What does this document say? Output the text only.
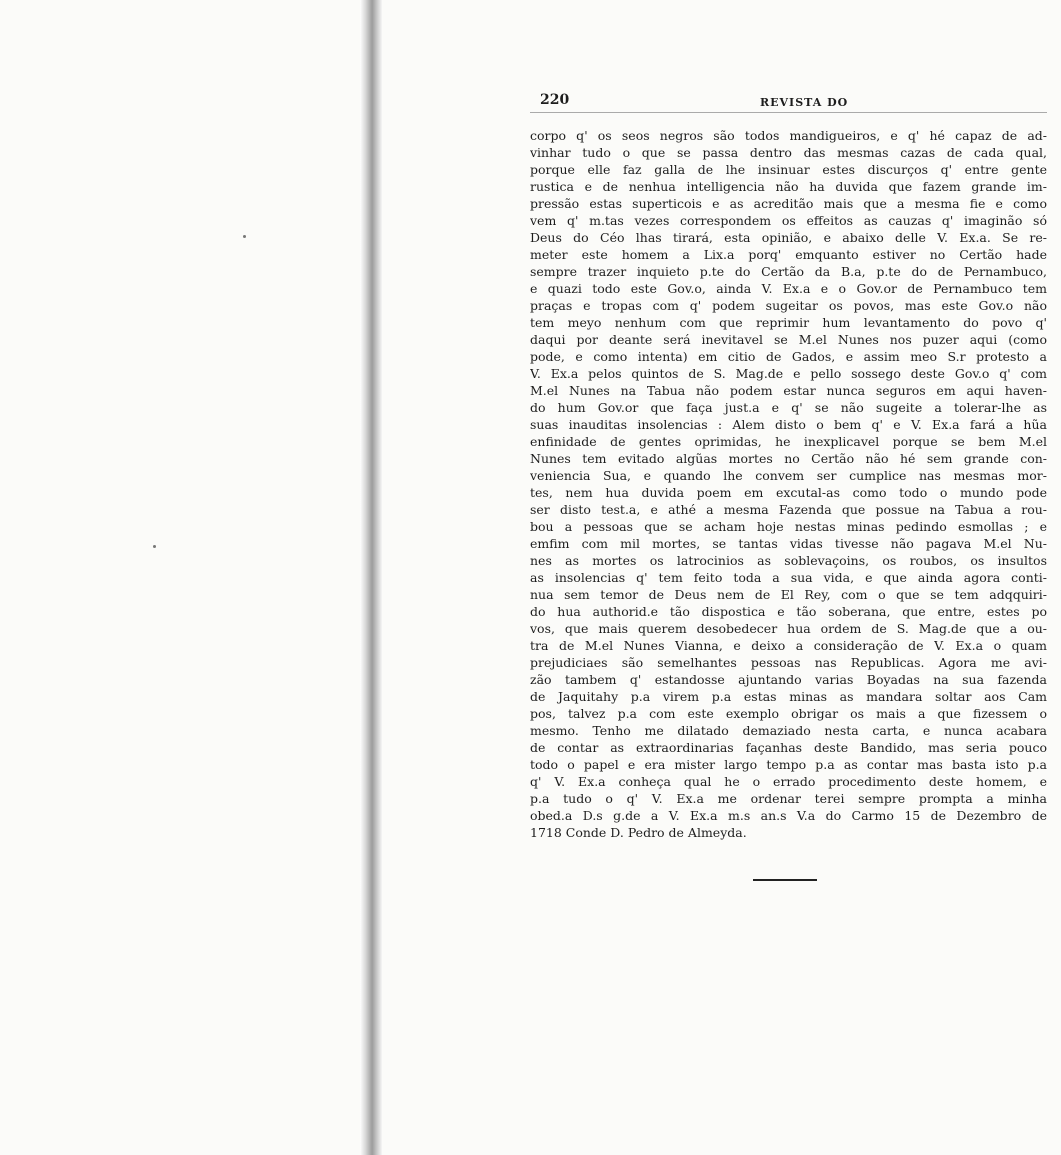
220	REVISTA DO
corpo q' os seos negros são todos mandigueiros, e q' hé capaz de ad-
vinhar tudo o que se passa dentro das mesmas cazas de cada qual,
porque elle faz galla de lhe insinuar estes discurços q' entre gente
rustica e de nenhua intelligencia não ha duvida que fazem grande im-
pressão estas superticois e as acreditão mais que a mesma fie e como
vem q' m.tas vezes correspondem os effeitos as cauzas q' imaginão só
Deus do Céo lhas tirará, esta opinião, e abaixo delle V. Ex.a. Se re-
meter este homem a Lix.a porq' emquanto estiver no Certão hade
sempre trazer inquieto p.te do Certão da B.a, p.te do de Pernambuco,
e quazi todo este Gov.o, ainda V. Ex.a e o Gov.or de Pernambuco tem
praças e tropas com q' podem sugeitar os povos, mas este Gov.o não
tem meyo nenhum com que reprimir hum levantamento do povo q'
daqui por deante será inevitavel se M.el Nunes nos puzer aqui (como
pode, e como intenta) em citio de Gados, e assim meo S.r protesto a
V. Ex.a pelos quintos de S. Mag.de e pello sossego deste Gov.o q' com
M.el Nunes na Tabua não podem estar nunca seguros em aqui haven-
do hum Gov.or que faça just.a e q' se não sugeite a tolerar-lhe as
suas inauditas insolencias : Alem disto o bem q' e V. Ex.a fará a hũa
enfinidade de gentes oprimidas, he inexplicavel porque se bem M.el
Nunes tem evitado algũas mortes no Certão não hé sem grande con-
veniencia Sua, e quando lhe convem ser cumplice nas mesmas mor-
tes, nem hua duvida poem em excutal-as como todo o mundo pode
ser disto test.a, e athé a mesma Fazenda que possue na Tabua a rou-
bou a pessoas que se acham hoje nestas minas pedindo esmollas ; e
emfim com mil mortes, se tantas vidas tivesse não pagava M.el Nu-
nes as mortes os latrocinios as soblevaçoins, os roubos, os insultos
as insolencias q' tem feito toda a sua vida, e que ainda agora conti-
nua sem temor de Deus nem de El Rey, com o que se tem adqquiri-
do hua authorid.e tão dispostica e tão soberana, que entre, estes po
vos, que mais querem desobedecer hua ordem de S. Mag.de que a ou-
tra de M.el Nunes Vianna, e deixo a consideração de V. Ex.a o quam
prejudiciaes são semelhantes pessoas nas Republicas. Agora me avi-
zão tambem q' estandosse ajuntando varias Boyadas na sua fazenda
de Jaquitahy p.a virem p.a estas minas as mandara soltar aos Cam
pos, talvez p.a com este exemplo obrigar os mais a que fizessem o
mesmo. Tenho me dilatado demaziado nesta carta, e nunca acabara
de contar as extraordinarias façanhas deste Bandido, mas seria pouco
todo o papel e era mister largo tempo p.a as contar mas basta isto p.a
q' V. Ex.a conheça qual he o errado procedimento deste homem, e
p.a tudo o q' V. Ex.a me ordenar terei sempre prompta a minha
obed.a D.s g.de a V. Ex.a m.s an.s V.a do Carmo 15 de Dezembro de
1718 Conde D. Pedro de Almeyda.
